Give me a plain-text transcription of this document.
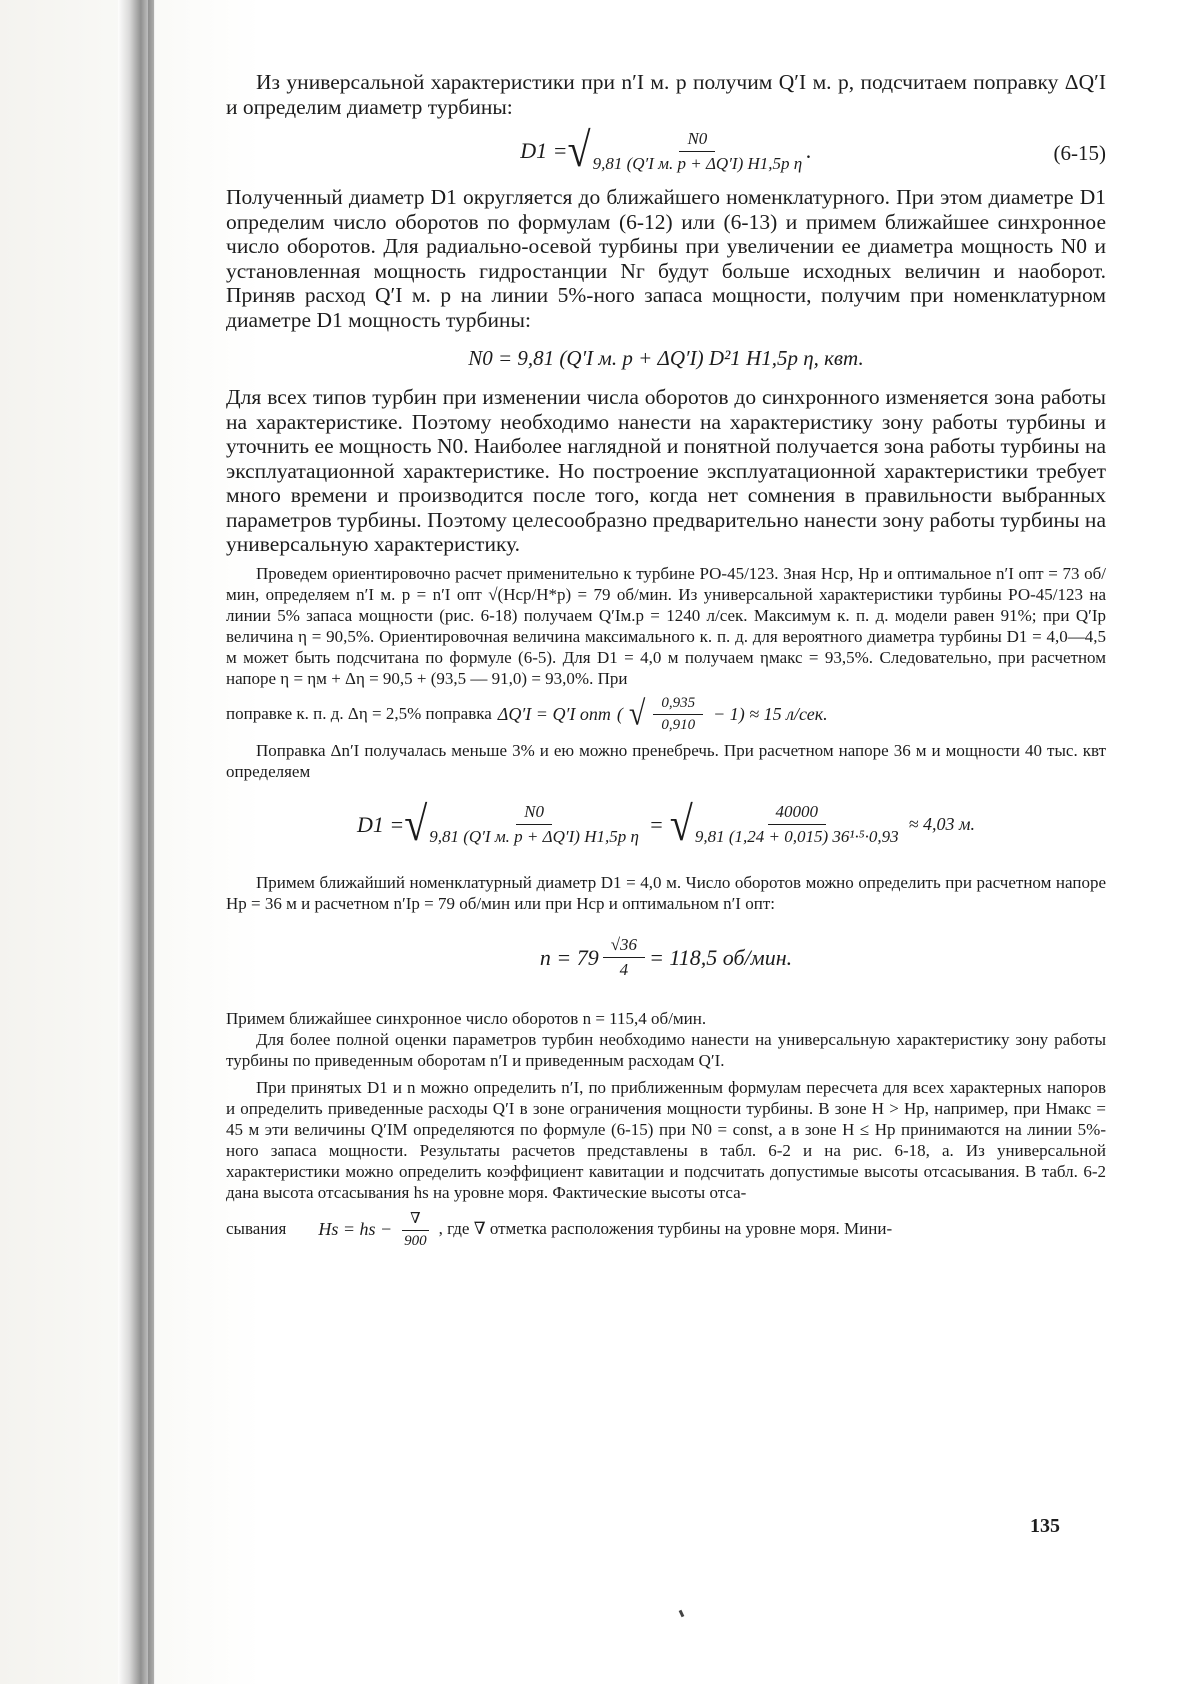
Из универсальной характеристики при n′I м. р получим Q′I м. р, подсчитаем поправку ΔQ′I и определим диаметр турбины:

D1 = √ $\frac{N0}{\text{9,81 (Q′I м. р + ΔQ′I) H1,5р η}}$ .	(6-15)

Полученный диаметр D1 округляется до ближайшего номенклатурного. При этом диаметре D1 определим число оборотов по формулам (6-12) или (6-13) и примем ближайшее синхронное число оборотов. Для радиально-осевой турбины при увеличении ее диаметра мощность N0 и установленная мощность гидростанции Nг будут больше исходных величин и наоборот. Приняв расход Q′I м. р на линии 5%-ного запаса мощности, получим при номенклатурном диаметре D1 мощность турбины:

N0 = 9,81 (Q′I м. р + ΔQ′I) D²1 H1,5р η, квт.

Для всех типов турбин при изменении числа оборотов до синхронного изменяется зона работы на характеристике. Поэтому необходимо нанести на характеристику зону работы турбины и уточнить ее мощность N0. Наиболее наглядной и понятной получается зона работы турбины на эксплуатационной характеристике. Но построение эксплуатационной характеристики требует много времени и производится после того, когда нет сомнения в правильности выбранных параметров турбины. Поэтому целесообразно предварительно нанести зону работы турбины на универсальную характеристику.

Проведем ориентировочно расчет применительно к турбине РО-45/123. Зная Hср, Hр и оптимальное n′I опт = 73 об/мин, определяем n′I м. р = n′I опт √(Hср/H*р) = 79 об/мин. Из универсальной характеристики турбины РО-45/123 на линии 5% запаса мощности (рис. 6-18) получаем Q′Iм.р = 1240 л/сек. Максимум к. п. д. модели равен 91%; при Q′Iр величина η = 90,5%. Ориентировочная величина максимального к. п. д. для вероятного диаметра турбины D1 = 4,0—4,5 м может быть подсчитана по формуле (6-5). Для D1 = 4,0 м получаем ηмакс = 93,5%. Следовательно, при расчетном напоре η = ηм + Δη = 90,5 + (93,5 — 91,0) = 93,0%. При

поправке к. п. д. Δη = 2,5% поправка ΔQ′I = Q′I опт ( √ $\frac{0,935}{0,910} - 1) \approx 15$ л/сек.

Поправка Δn′I получалась меньше 3% и ею можно пренебречь. При расчетном напоре 36 м и мощности 40 тыс. квт определяем

D1 = √ $\frac{N0}{\text{9,81 (Q′I м. р + ΔQ′I) H1,5р η}}$ = √ $\frac{40000}{\text{9,81 (1,24 + 0,015) 36¹·⁵·0,93}} \approx 4,03$ м.

Примем ближайший номенклатурный диаметр D1 = 4,0 м. Число оборотов можно определить при расчетном напоре Hр = 36 м и расчетном n′Iр = 79 об/мин или при Hср и оптимальном n′I опт:

$n = 79 \frac{√36}{4} = 118,5$ об/мин.

Примем ближайшее синхронное число оборотов n = 115,4 об/мин.

Для более полной оценки параметров турбин необходимо нанести на универсальную характеристику зону работы турбины по приведенным оборотам n′I и приведенным расходам Q′I.

При принятых D1 и n можно определить n′I, по приближенным формулам пересчета для всех характерных напоров и определить приведенные расходы Q′I в зоне ограничения мощности турбины. В зоне H > Hр, например, при Hмакс = 45 м эти величины Q′IМ определяются по формуле (6-15) при N0 = const, а в зоне H ≤ Hр принимаются на линии 5%-ного запаса мощности. Результаты расчетов представлены в табл. 6-2 и на рис. 6-18, а. Из универсальной характеристики можно определить коэффициент кавитации и подсчитать допустимые высоты отсасывания. В табл. 6-2 дана высота отсасывания hs на уровне моря. Фактические высоты отса-

сывания Hs = hs − $\frac{\nabla}{900}$ , где ∇ отметка расположения турбины на уровне моря. Мини-
135
